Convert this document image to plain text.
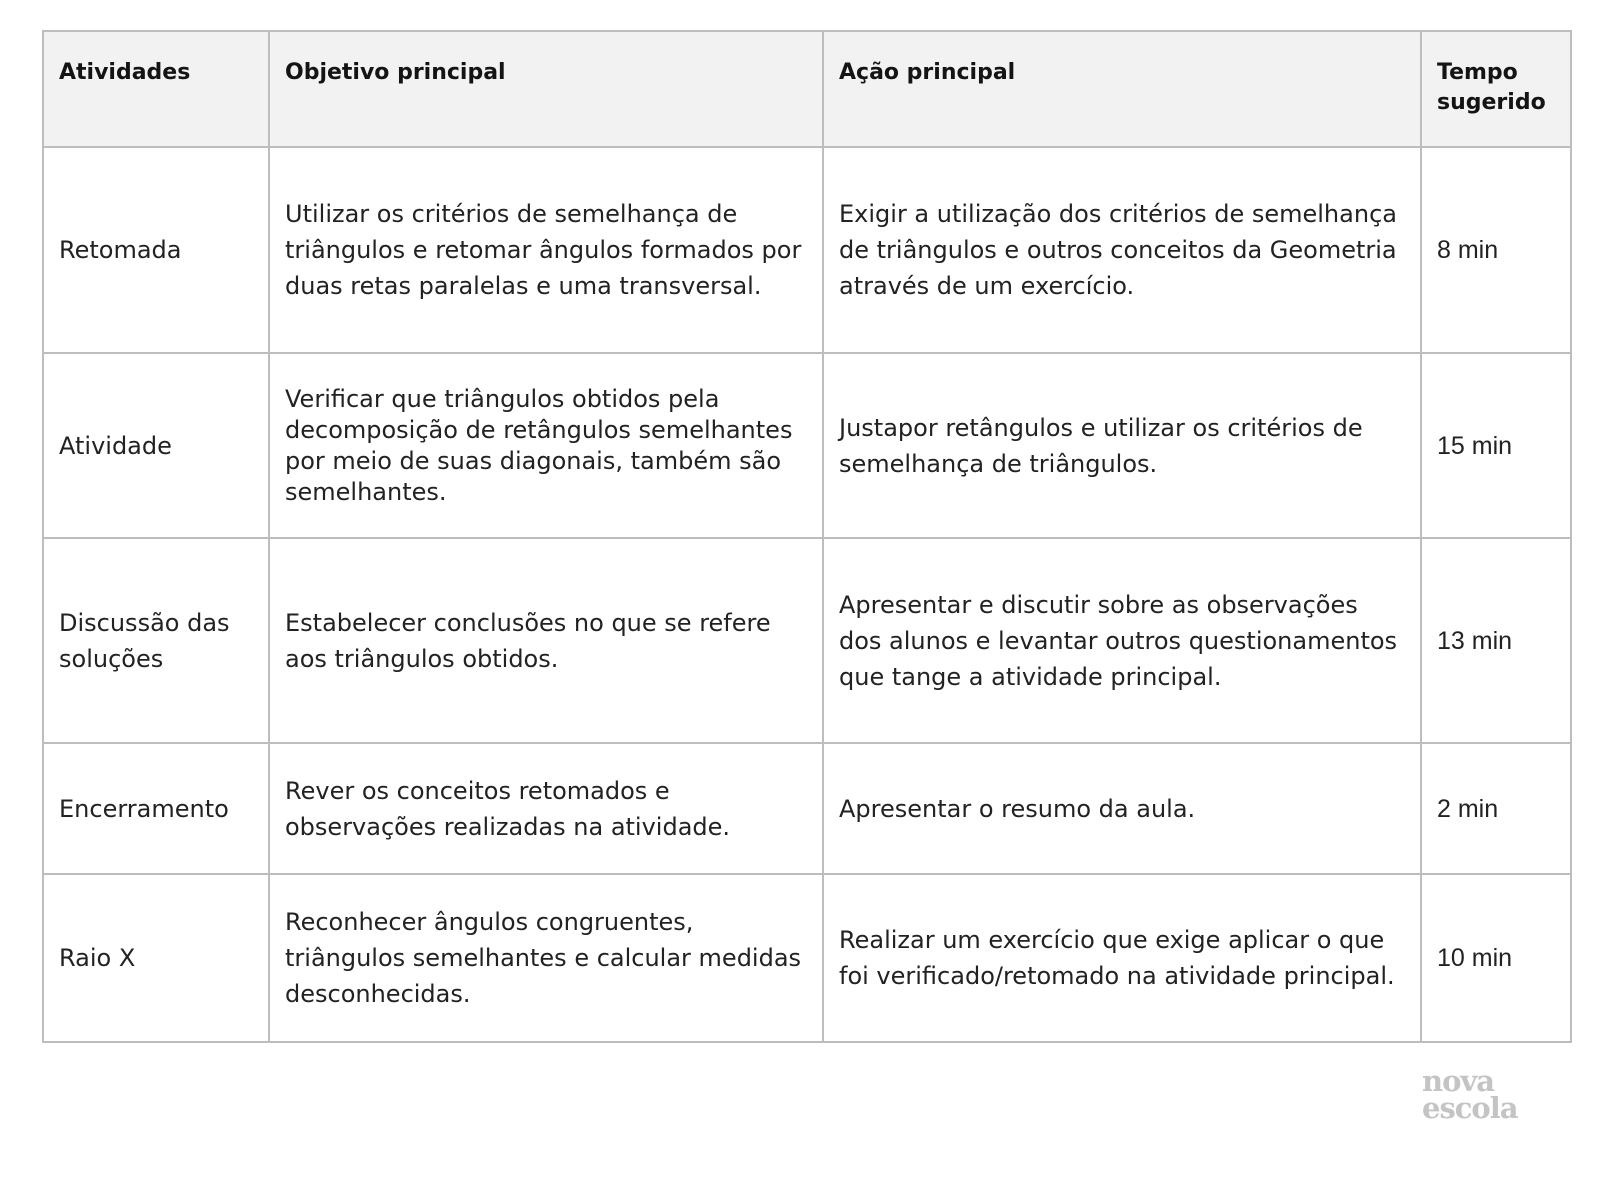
Atividades	Objetivo principal	Ação principal	Tempo sugerido
Retomada	Utilizar os critérios de semelhança de triângulos e retomar ângulos formados por duas retas paralelas e uma transversal.	Exigir a utilização dos critérios de semelhança de triângulos e outros conceitos da Geometria através de um exercício.	8 min
Atividade	Verificar que triângulos obtidos pela decomposição de retângulos semelhantes por meio de suas diagonais, também são semelhantes.	Justapor retângulos e utilizar os critérios de semelhança de triângulos.	15 min
Discussão das soluções	Estabelecer conclusões no que se refere aos triângulos obtidos.	Apresentar e discutir sobre as observações dos alunos e levantar outros questionamentos que tange a atividade principal.	13 min
Encerramento	Rever os conceitos retomados e observações realizadas na atividade.	Apresentar o resumo da aula.	2 min
Raio X	Reconhecer ângulos congruentes, triângulos semelhantes e calcular medidas desconhecidas.	Realizar um exercício que exige aplicar o que foi verificado/retomado na atividade principal.	10 min
nova
escola
